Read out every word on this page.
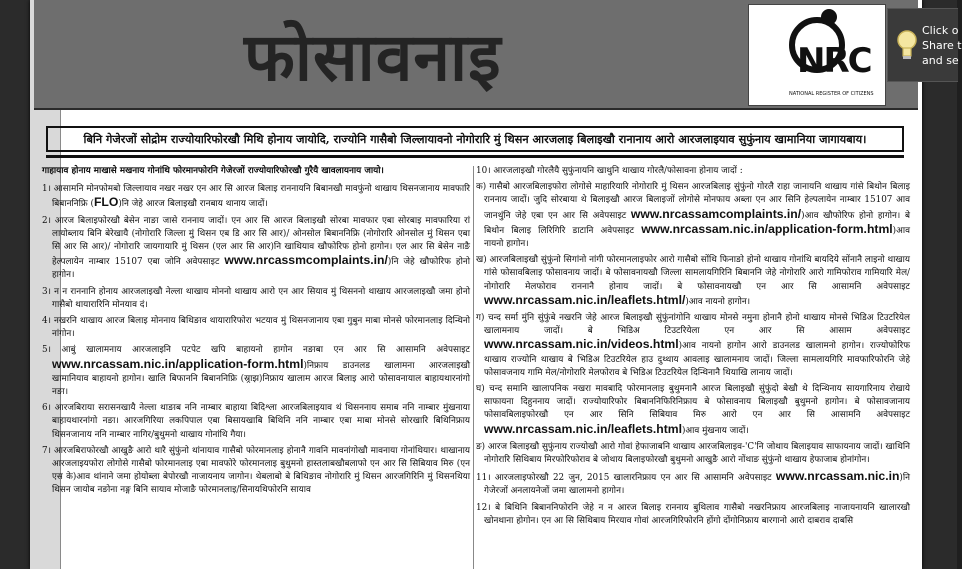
फोसावनाइ	NRC
NATIONAL REGISTER OF CITIZENS
बिनि गेजेरजों सोद्रोम राज्योयारिफोरखौ मिथि होनाय जायोदि, राज्योनि गासैबो जिल्लायावनो नोगोरारि मुं थिसन आरजलाइ बिलाइखौ रानानाय आरो आरजलाइयाव सुफुंनाय खामानिया जागायबाय।
गाहायाव होनाय माखासे मखनाय गोनांथि फोरमानफोरनि गेजेरजों राज्योयारिफोरखौ गुरैयै खावलायनाय जायो।
1। आसामनि मोनफोमबो जिल्लायाव नखर नखर एन आर सि आरज बिलाइ राननायनि बिबानखौ मावफुंनो थाखाय थिसनजानाय मावफारि बिबाननिफ्रि (FLO)नि जेहे आरज बिलाइखौ रानबाय थानाय जादों।
2। आरज बिलाइफोरखौ बेसेन नाङा जासे राननाय जादों। एन आर सि आरज बिलाइखौ सोरबा मावफार एबा सोरबाइ मावफारिया रां लायोब्लाय बिनि बेरेखायै (नोगोरारि जिल्ला मुं थिसन एब डि आर सि आर)/ ओनसोल बिबाननिफ्रि (नोगोरारि ओनसोल मुं थिसन एबा सि आर सि आर)/ नोगोरारि जायगायारि मुं थिसन (एल आर सि आर)नि खाथियाव खौफोरिफ होनो हागोन। एल आर सि बेसेन नाङै हेल्पलायेन नाम्बार 15107 एबा जोनि अवेपसाइट www.nrcassmcomplaints.in/)नि जेहे खौफोरिफ होनो हागोन।
3। न न राननानि होनाय आरजलाइखौ नेल्ला थाखाय मोननो थाखाय आरो एन आर सियाव मुं थिसननो थाखाय आरजलाइखौ जमा होनो गासैबो थायारारिनि मोनयाव दं।
4। नखरनि थाखाय आरज बिलाइ मोननाय बिथिङाव थायारारिफोरा भटयाव मुं थिसनजानाय एबा गुबुन माबा मोनसे फोरमानलाइ दिन्थिनो नांगोन।
5। आबुं खालामनाय आरजलाइनि पटपेट खपि बाहायनो हागोन नङाबा एन आर सि आसामनि अवेपसाइट www.nrcassam.nic.in/application-form.html)निफ्राय डाउनलड खालामना आरजलाइखौ खामानियाव बाहायनो हागोन। खालि बिफाननि बिबाननिफ्रि (स्र्राझ)निफ्राय खालाम आरज बिलाइ आरो फोसावनायाल बाहायथारनांगो नङा।
6। आरजबिराया सरासनखायै नेल्ला थाङाब ननि नाम्बार बाहाया बिदिश्ला आरजबिलाइयाव थं थिसननाय समाब ननि नाम्बार मुंखनाया बाहायथारनांगो नङा। आरजगिरिया लकपिपाल एबा बिसायखाबि बिथिनि ननि नाम्बार एबा माबा मोनसे सोरखारि बिथिनिफ्राय थिसनजानाय ननि नाम्बार नागिर/बुथुमनो थाखाय गोनांथि गैया।
7। आरजबिराफोरखौ आखुङै आरो थारै सुंफुंनो थांनायाव गासैबो फोरमानलाइ होनानै गावनि मावनांगोखौ मावनाया गोनांथियार। थाखानाय आरजलाइयफोरा लोगोसे गासैबो फोरमानलाइ एबा मावफोरे फोरमानलाइ बुथुमनो हास्तलाबखौबलाफो एन आर सि सिबियाव मिरु (एन एस के)आव थांनाने जमा होयोब्ला बेपोरखौ नाजायनाय जागोन। थेबलाबो बे बिथिङाव नोगोरारि मुं थिसन आरजगिरिनि मुं थिसनथिया थिसन जायोब नङोना नङ्ग बिनि सायाव मोजाङै फोरमानलाइ/सिनायथिफोरनि सायाव
10। आरजलाइखौ गोरलैयै सुफुंनायनि खाथुनि थाखाय गोरलै/फोसावना होनाय जादों :
क) गासैबो आरजबिलाइफोरा लोगोसे माहारियारि नोगोरारि मुं थिसन आरजबिलाइ सुंफुंनो गोरलै राहा जानायनि थाखाय गांसे बिथोन बिलाइ राननाय जादों। जुदि सोरबाया थे बिलाइखौ आरज बिलाइजों लोगोसे मोनफाय अब्ला एन आर सिनि हेल्पलायेन नाम्बार 15107 आव जानथुंनि जेहे एबा एन आर सि अवेपसाइट www.nrcassamcomplaints.in/)आव खौफोरिफ होनो हागोन। बे बिथोन बिलाइ लिरिगिरि डाटानि अवेपसाइट www.nrcassam.nic.in/application-form.html)आव नायनो हागोन।
ख) आरजबिलाइखौ सुंफुंनो सिगांनो नांगी फोरमानलाइफोर आरो गासैबो सोंथि फिनाङो होनो थाखाय गोनांथि बायदिये सोंनानै लाइनो थाखाय गांसे फोसावबिलाइ फोसावनाय जादों। बे फोसावनायखौ जिल्ला सामलायगिरिनि बिबाननि जेहे नोगोरारि आरो गामिफोराव गामियारि मेल/नोगोरारि मेलफोराव राननानै होनाय जादों। बे फोसावनायखौ एन आर सि आसामनि अवेपसाइट www.nrcassam.nic.in/leaflets.html/)आव नायनो हागोन।
ग) चन्द सर्मा मुंनि सुंफुंबे नखरनि जेहे आरज बिलाइखौ सुंफुंनांगोनि थाखाय मोनसे नमुना होनानै होनो थाखाय मोनसे भिडिअ टिउटरियेल खालामनाय जादों। बे भिडिअ टिउटरियेला एन आर सि आसाम अवेपसाइट www.nrcassam.nic.in/videos.html)आव नायनो हागोन आरो डाउनलड खालामनो हागोन। राज्योफोरिफ थाखाय राज्योनि थाखाय बे भिडिअ टिउटरियेल हाउ दुथ्थाय आवलाइ खालामनाय जादों। जिल्ला सामलायगिरि मावफारिफोरनि जेहे फोसावजनाय गामि मेल/नोगोरारि मेलफोराव बे भिडिअ टिउटरियेल दिन्थिनानै थियाखि लानाय जादों।
घ) चन्द समानि खालापनिक नखरा मावबादि फोरमानलाइ बुथुमनानै आरज बिलाइखौ सुंफुंदो बेखौ थे दिन्थिनाय सायगारिनाय रोखाये साफायना दिहुननाय जादों। राज्योयारिफोर बिबाननिफिरिनिफ्राय बे फोसावनाय बिलाइखौ बुथुमनो हागोन। बे फोसावजानाय फोसावबिलाइफोरखौ एन आर सिनि सिबियाव मिरु आरो एन आर सि आसामनि अवेपसाइट www.nrcassam.nic.in/leaflets.html)आव मुंखनाय जादों।
ङ) आरज बिलाइखौ सुफुंनाय राज्योखौ आरो गोवां हेफाजाबनि थाखाय आरजबिलाइव-'C'नि जोथाय बिलाइयाव साफायनाय जादों। खाथिनि नोगोरारि सिथिबाय मिरफोरिफोराव बे जोथाय बिलाइफोरखौ बुथुमनो आखुङै आरो नोंथाङ सुंफुंनो थाखाय हेफाजाब होनांगोन।
11। आरजलाइफोरखौ 22 जुन, 2015 खालारनिफ्राय एन आर सि आसामनि अवेपसाइट www.nrcassam.nic.in)नि गेजेरजों अनलायनेजों जमा खालामनो हागोन।
12। बे बिथिनि बिबाननिफोरनि जेहे न न आरज बिलाइ राननाय बुथिलाव गासैबो नखरनिफ्राय आरजबिलाइ नाजायनायनि खालारखौ खोनथाना होगोन। एन आ सि सिथिबाय मिरयाव गोवां आरजगिरिफोरनि होंगो दोंगोनिफ्राय बारगानो आरो दाबराव दाबसि
Click o
Share t
and se
